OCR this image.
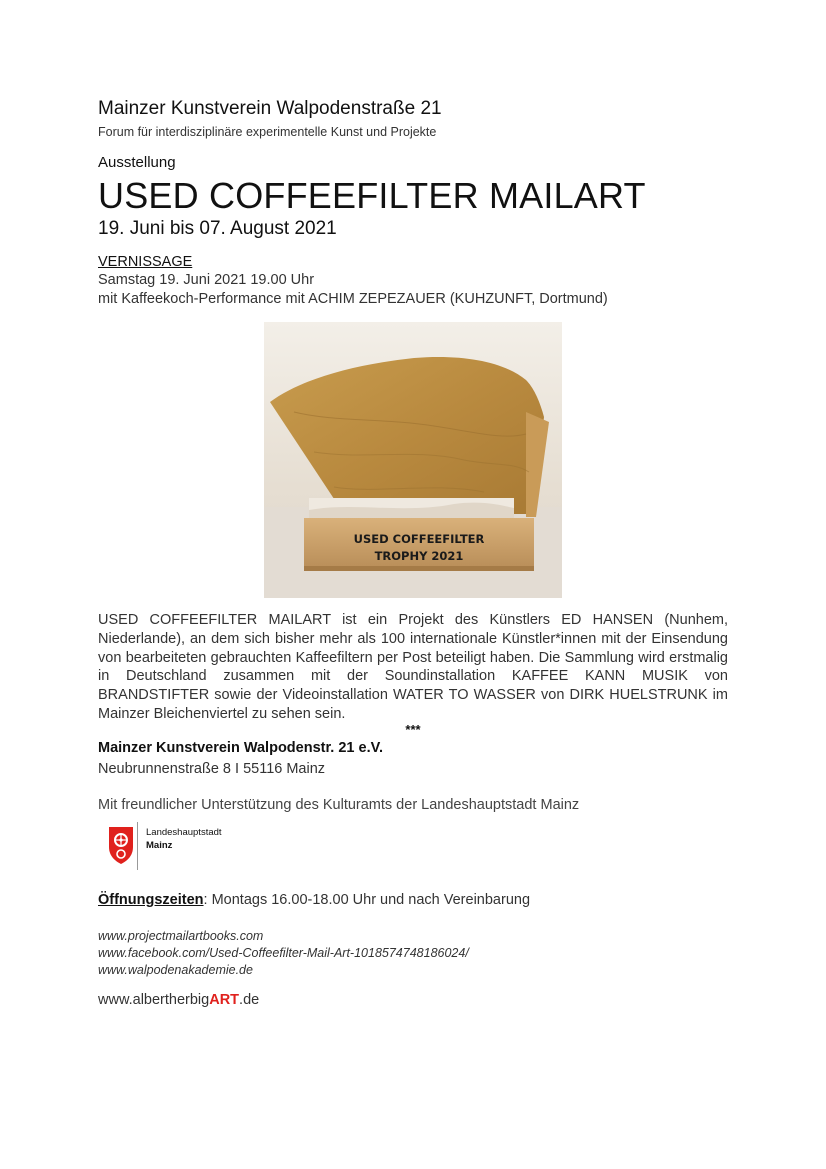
Mainzer Kunstverein Walpodenstraße 21
Forum für interdisziplinäre experimentelle Kunst und Projekte
Ausstellung
USED COFFEEFILTER MAILART
19. Juni bis 07. August 2021
VERNISSAGE
Samstag 19. Juni 2021 19.00 Uhr
mit Kaffeekoch-Performance mit ACHIM ZEPEZAUER (KUHZUNFT, Dortmund)
USED COFFEEFILTER
TROPHY 2021
USED COFFEEFILTER MAILART ist ein Projekt des Künstlers ED HANSEN (Nunhem, Niederlande), an dem sich bisher mehr als 100 internationale Künstler*innen mit der Einsendung von bearbeiteten gebrauchten Kaffeefiltern per Post beteiligt haben. Die Sammlung wird erstmalig in Deutschland zusammen mit der Soundinstallation KAFFEE KANN MUSIK von BRANDSTIFTER sowie der Videoinstallation WATER TO WASSER von DIRK HUELSTRUNK im Mainzer Bleichenviertel zu sehen sein.
***
Mainzer Kunstverein Walpodenstr. 21 e.V.
Neubrunnenstraße 8 I 55116 Mainz
Mit freundlicher Unterstützung des Kulturamts der Landeshauptstadt Mainz
Landeshauptstadt
Mainz
Öffnungszeiten: Montags 16.00-18.00 Uhr und nach Vereinbarung
www.projectmailartbooks.com
www.facebook.com/Used-Coffeefilter-Mail-Art-1018574748186024/
www.walpodenakademie.de
www.albertherbigART.de
